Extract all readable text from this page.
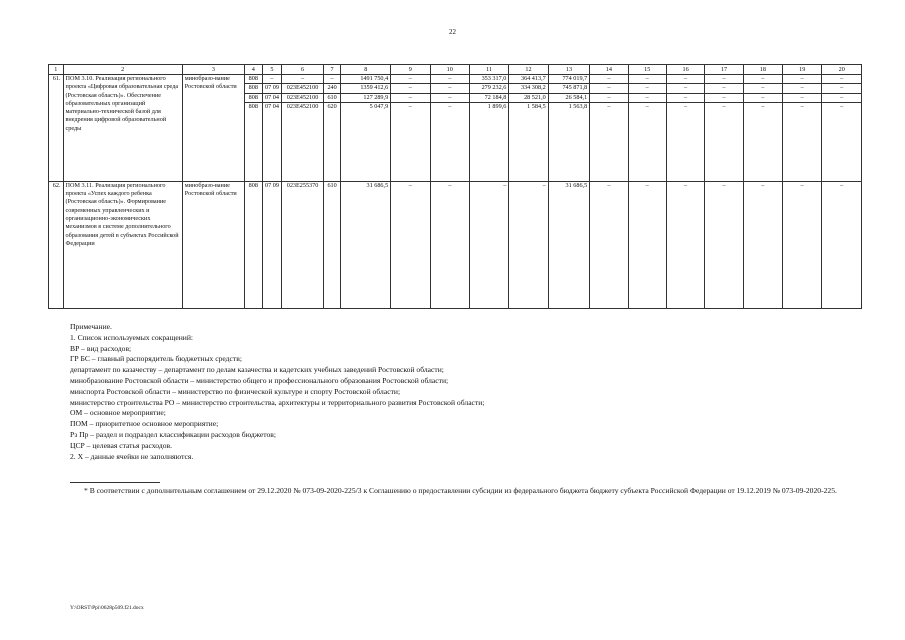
22
1	2	3	4	5	6	7	8	9	10	11	12	13	14	15	16	17	18	19	20
61.	ПОМ 3.10. Реализация регионального проекта «Цифровая образовательная среда (Ростовская область)». Обеспечение образовательных организаций материально-технической базой для внедрения цифровой образовательной среды	минобразо-вание Ростовской области	808	–	–	–	1491 750,4	–	–	353 317,0	364 413,7	774 019,7	–	–	–	–	–	–	–
			808	07 09	023Е452100	240	1359 412,6	–	–	279 232,6	334 308,2	745 871,8	–	–	–	–	–	–	–
			808	07 04	023Е452100	610	127 289,9	–	–	72 184,8	28 521,0	26 584,1	–	–	–	–	–	–	–
			808	07 04	023Е452100	620	5 047,9	–	–	1 899,6	1 584,5	1 563,8	–	–	–	–	–	–	–
62.	ПОМ 3.11. Реализация регионального проекта «Успех каждого ребенка (Ростовская область)». Формирование современных управленческих и организационно-экономических механизмов в системе дополнительного образования детей в субъектах Российской Федерации	минобразо-вание Ростовской области	808	07 09	023Е255370	610	31 686,5	–	–	–	–	31 686,5	–	–	–	–	–	–	–
Примечание.
1. Список используемых сокращений:
ВР – вид расходов;
ГР БС – главный распорядитель бюджетных средств;
департамент по казачеству – департамент по делам казачества и кадетских учебных заведений Ростовской области;
минобразование Ростовской области – министерство общего и профессионального образования Ростовской области;
минспорта Ростовской области – министерство по физической культуре и спорту Ростовской области;
министерство строительства РО – министерство строительства, архитектуры и территориального развития Ростовской области;
ОМ – основное мероприятие;
ПОМ – приоритетное основное мероприятие;
Рз Пр – раздел и подраздел классификации расходов бюджетов;
ЦСР – целевая статья расходов.
2. Х – данные ячейки не заполняются.
* В соответствии с дополнительным соглашением от 29.12.2020 № 073-09-2020-225/3 к Соглашению о предоставлении субсидии из федерального бюджета бюджету субъекта Российской Федерации от 19.12.2019 № 073-09-2020-225.
Y:\ORST\Ppi\0628p509.f21.docx
